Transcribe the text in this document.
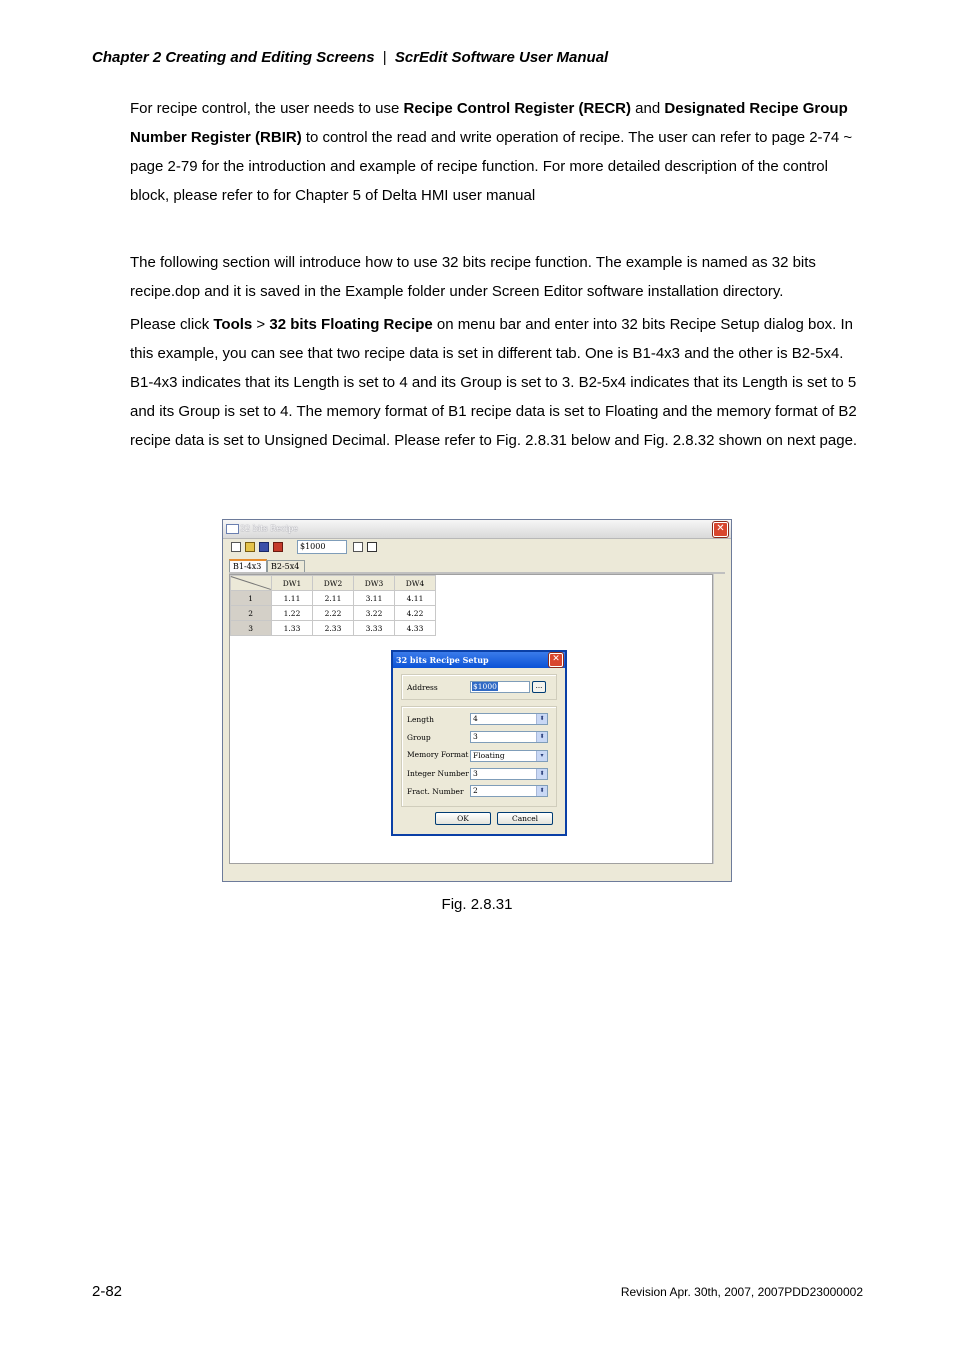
Chapter 2 Creating and Editing Screens | ScrEdit Software User Manual

For recipe control, the user needs to use Recipe Control Register (RECR) and Designated Recipe Group Number Register (RBIR) to control the read and write operation of recipe. The user can refer to page 2-74 ~ page 2-79 for the introduction and example of recipe function. For more detailed description of the control block, please refer to for Chapter 5 of Delta HMI user manual

The following section will introduce how to use 32 bits recipe function. The example is named as 32 bits recipe.dop and it is saved in the Example folder under Screen Editor software installation directory.

Please click Tools > 32 bits Floating Recipe on menu bar and enter into 32 bits Recipe Setup dialog box. In this example, you can see that two recipe data is set in different tab. One is B1-4x3 and the other is B2-5x4. B1-4x3 indicates that its Length is set to 4 and its Group is set to 3. B2-5x4 indicates that its Length is set to 5 and its Group is set to 4. The memory format of B1 recipe data is set to Floating and the memory format of B2 recipe data is set to Unsigned Decimal. Please refer to Fig. 2.8.31 below and Fig. 2.8.32 shown on next page.

32 bits Recipe	✕
$1000
B1-4x3	B2-5x4
	DW1	DW2	DW3	DW4
1	1.11	2.11	3.11	4.11
2	1.22	2.22	3.22	4.22
3	1.33	2.33	3.33	4.33
32 bits Recipe Setup	✕
Address	$1000	...
Length	4	⬍
Group	3	⬍
Memory Format Floating	▾
Integer Number 3	⬍
Fract. Number	2	⬍
OK	Cancel
Fig. 2.8.31
2-82	Revision Apr. 30th, 2007, 2007PDD23000002
